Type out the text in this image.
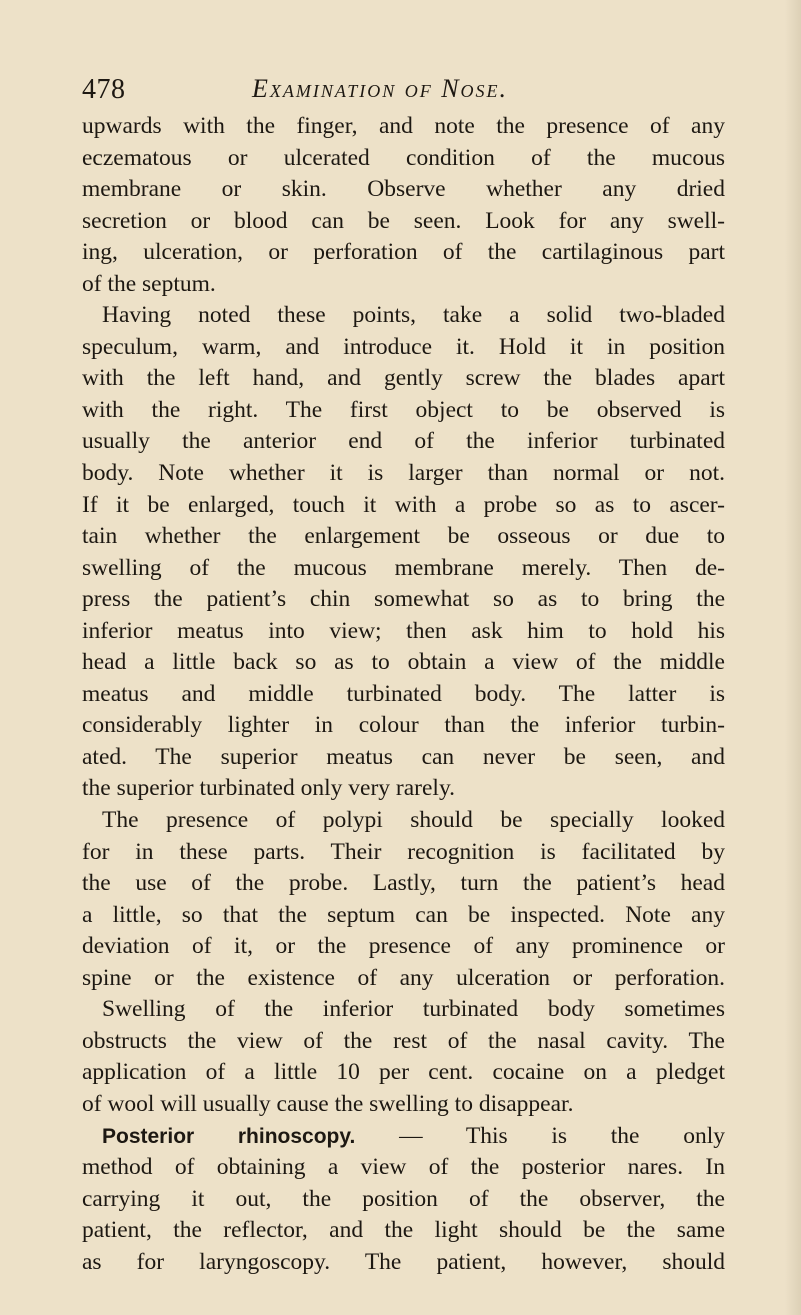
478	Examination of Nose.
upwards with the finger, and note the presence of any
eczematous or ulcerated condition of the mucous
membrane or skin. Observe whether any dried
secretion or blood can be seen. Look for any swell-
ing, ulceration, or perforation of the cartilaginous part
of the septum.
Having noted these points, take a solid two-bladed
speculum, warm, and introduce it. Hold it in position
with the left hand, and gently screw the blades apart
with the right. The first object to be observed is
usually the anterior end of the inferior turbinated
body. Note whether it is larger than normal or not.
If it be enlarged, touch it with a probe so as to ascer-
tain whether the enlargement be osseous or due to
swelling of the mucous membrane merely. Then de-
press the patient’s chin somewhat so as to bring the
inferior meatus into view; then ask him to hold his
head a little back so as to obtain a view of the middle
meatus and middle turbinated body. The latter is
considerably lighter in colour than the inferior turbin-
ated. The superior meatus can never be seen, and
the superior turbinated only very rarely.
The presence of polypi should be specially looked
for in these parts. Their recognition is facilitated by
the use of the probe. Lastly, turn the patient’s head
a little, so that the septum can be inspected. Note any
deviation of it, or the presence of any prominence or
spine or the existence of any ulceration or perforation.
Swelling of the inferior turbinated body sometimes
obstructs the view of the rest of the nasal cavity. The
application of a little 10 per cent. cocaine on a pledget
of wool will usually cause the swelling to disappear.
Posterior rhinoscopy. — This is the only
method of obtaining a view of the posterior nares. In
carrying it out, the position of the observer, the
patient, the reflector, and the light should be the same
as for laryngoscopy. The patient, however, should
